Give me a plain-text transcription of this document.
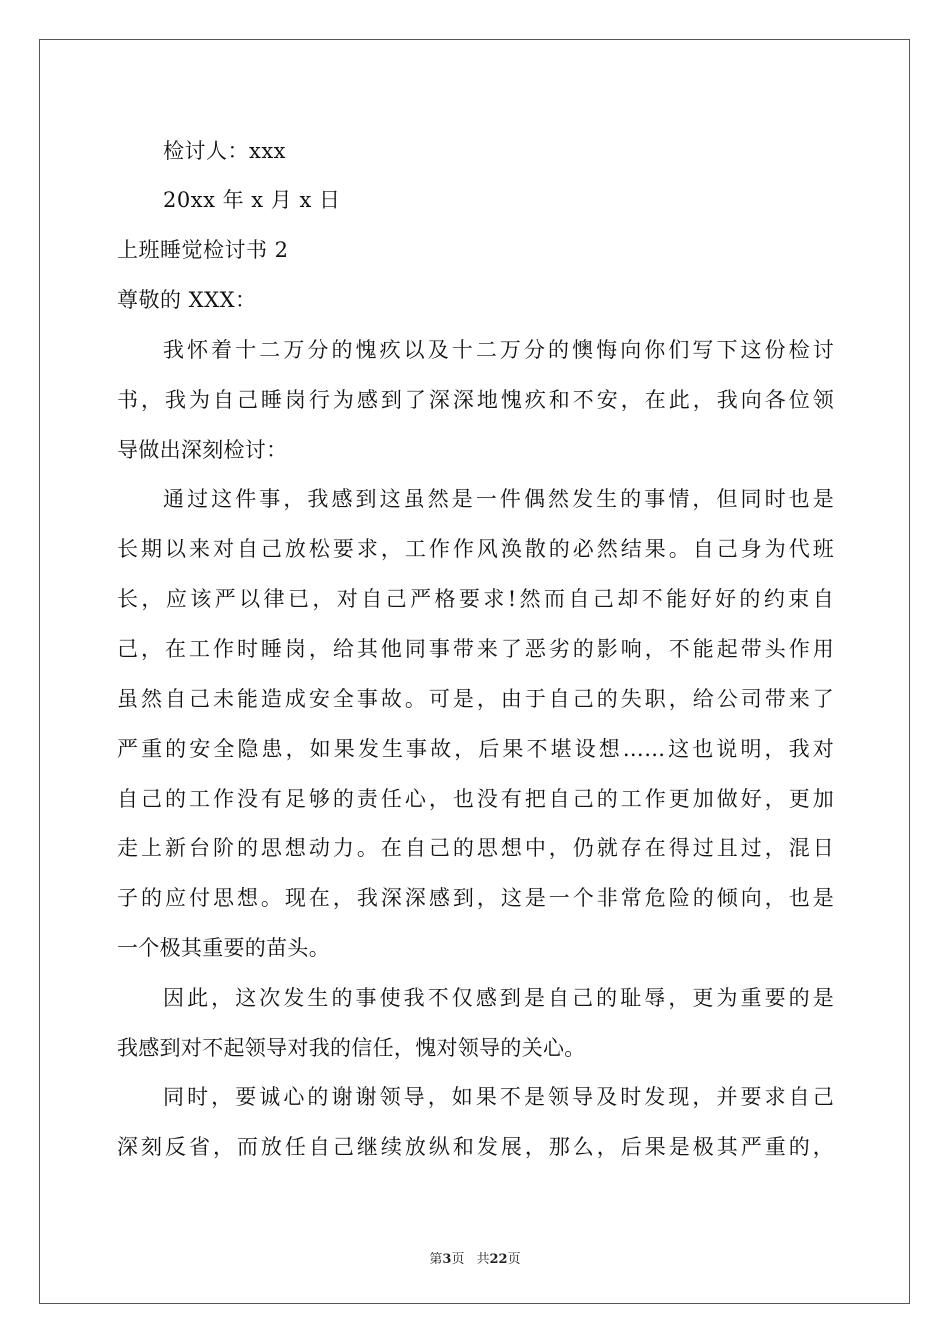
检讨人：xxx
20xx 年 x 月 x 日
上班睡觉检讨书 2
尊敬的 XXX：
我怀着十二万分的愧疚以及十二万分的懊悔向你们写下这份检讨
书，我为自己睡岗行为感到了深深地愧疚和不安，在此，我向各位领
导做出深刻检讨：
通过这件事，我感到这虽然是一件偶然发生的事情，但同时也是
长期以来对自己放松要求，工作作风涣散的必然结果。自己身为代班
长，应该严以律已，对自己严格要求!然而自己却不能好好的约束自
己，在工作时睡岗，给其他同事带来了恶劣的影响，不能起带头作用
虽然自己未能造成安全事故。可是，由于自己的失职，给公司带来了
严重的安全隐患，如果发生事故，后果不堪设想……这也说明，我对
自己的工作没有足够的责任心，也没有把自己的工作更加做好，更加
走上新台阶的思想动力。在自己的思想中，仍就存在得过且过，混日
子的应付思想。现在，我深深感到，这是一个非常危险的倾向，也是
一个极其重要的苗头。
因此，这次发生的事使我不仅感到是自己的耻辱，更为重要的是
我感到对不起领导对我的信任，愧对领导的关心。
同时，要诚心的谢谢领导，如果不是领导及时发现，并要求自己
深刻反省，而放任自己继续放纵和发展，那么，后果是极其严重的，
第3页 共22页
